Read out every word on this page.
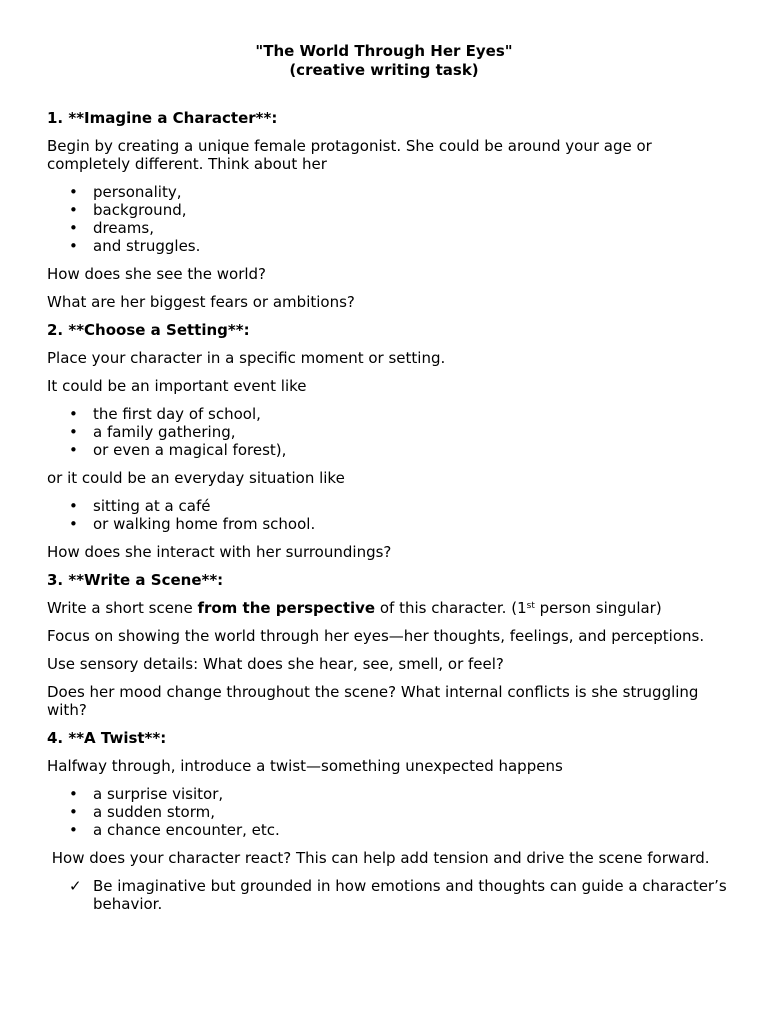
"The World Through Her Eyes"
(creative writing task)

1. **Imagine a Character**:

Begin by creating a unique female protagonist. She could be around your age or completely different. Think about her

• personality,
• background,
• dreams,
• and struggles.

How does she see the world?

What are her biggest fears or ambitions?

2. **Choose a Setting**:

Place your character in a specific moment or setting.

It could be an important event like

• the first day of school,
• a family gathering,
• or even a magical forest),

or it could be an everyday situation like

• sitting at a café
• or walking home from school.

How does she interact with her surroundings?

3. **Write a Scene**:

Write a short scene from the perspective of this character. (1st person singular)

Focus on showing the world through her eyes—her thoughts, feelings, and perceptions.

Use sensory details: What does she hear, see, smell, or feel?

Does her mood change throughout the scene? What internal conflicts is she struggling with?

4. **A Twist**:

Halfway through, introduce a twist—something unexpected happens

• a surprise visitor,
• a sudden storm,
• a chance encounter, etc.

How does your character react? This can help add tension and drive the scene forward.

✓ Be imaginative but grounded in how emotions and thoughts can guide a character’s behavior.
